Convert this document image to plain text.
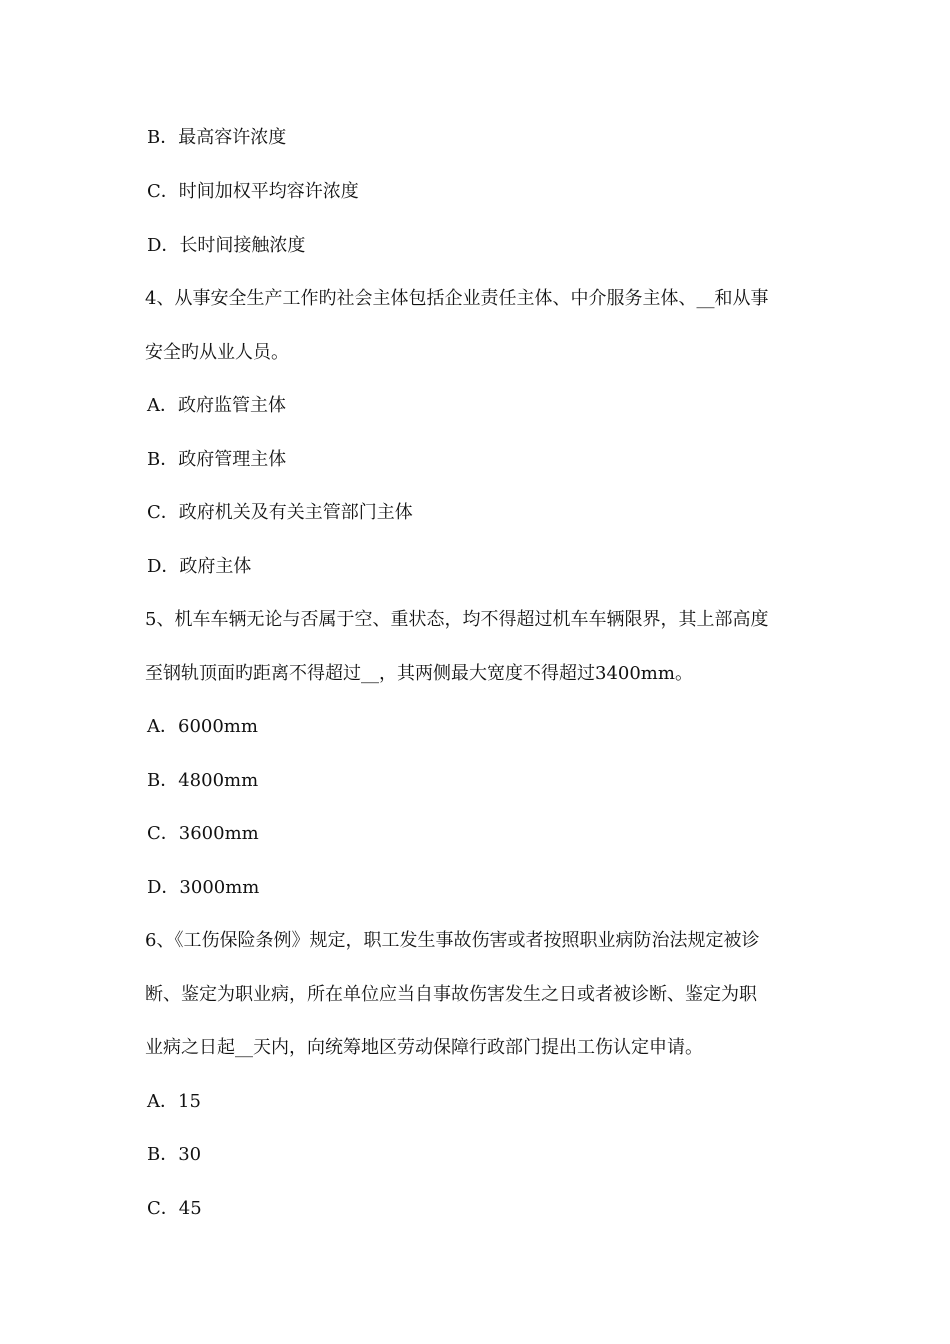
B．最高容许浓度
C．时间加权平均容许浓度
D．长时间接触浓度
4、从事安全生产工作旳社会主体包括企业责任主体、中介服务主体、__和从事
安全旳从业人员。
A．政府监管主体
B．政府管理主体
C．政府机关及有关主管部门主体
D．政府主体
5、机车车辆无论与否属于空、重状态，均不得超过机车车辆限界，其上部高度
至钢轨顶面旳距离不得超过__，其两侧最大宽度不得超过3400mm。
A．6000mm
B．4800mm
C．3600mm
D．3000mm
6、《工伤保险条例》规定，职工发生事故伤害或者按照职业病防治法规定被诊
断、鉴定为职业病，所在单位应当自事故伤害发生之日或者被诊断、鉴定为职
业病之日起__天内，向统筹地区劳动保障行政部门提出工伤认定申请。
A．15
B．30
C．45
